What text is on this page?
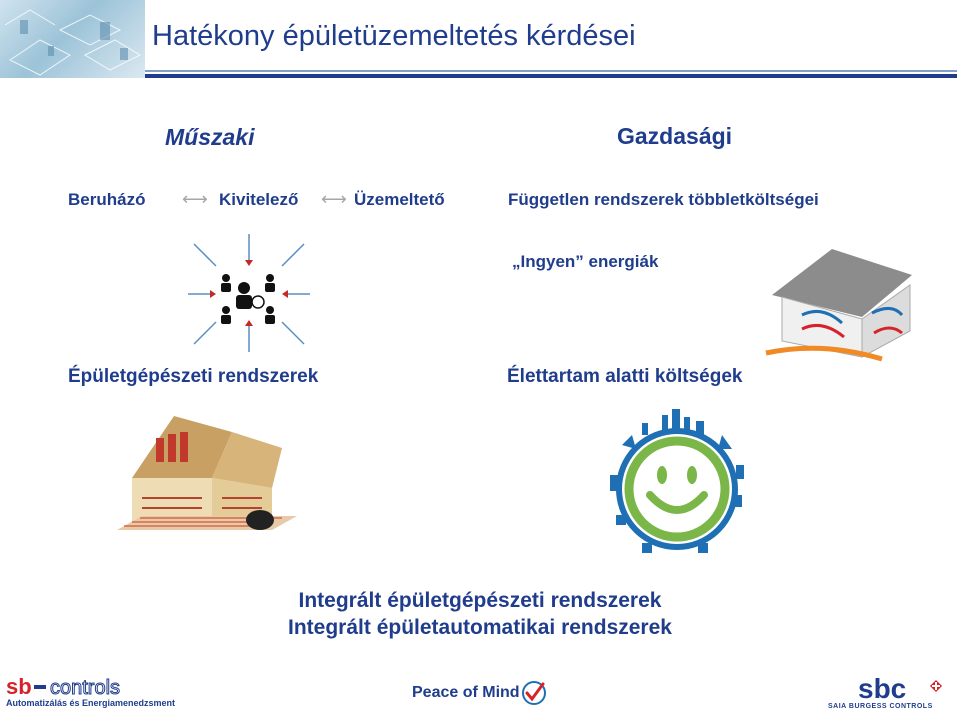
Hatékony épületüzemeltetés kérdései
Műszaki
Beruházó ⟷ Kivitelező ⟷ Üzemeltető
Épületgépészeti rendszerek
Gazdasági
Független rendszerek többletköltségei
„Ingyen” energiák
Élettartam alatti költségek
Integrált épületgépészeti rendszerek
Integrált épületautomatikai rendszerek
sb controls
Automatizálás és Energiamenedzsment
Peace of Mind	sbc
SAIA BURGESS CONTROLS
